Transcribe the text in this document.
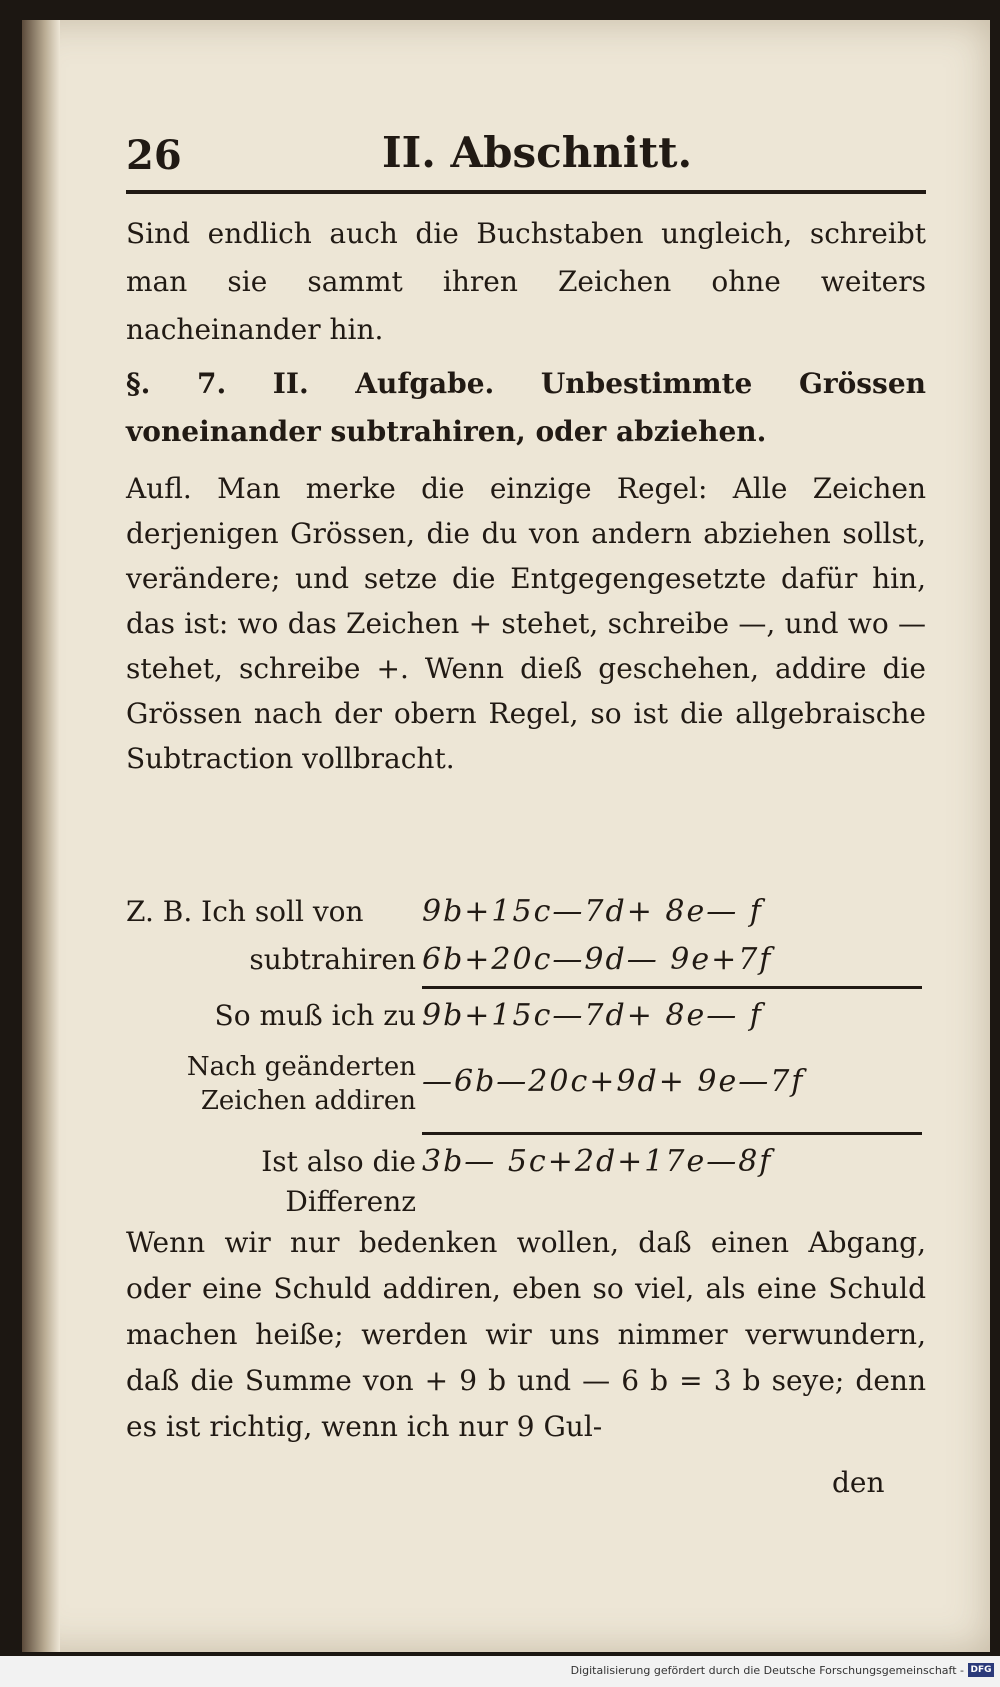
26	II. Abschnitt.
Sind endlich auch die Buchstaben ungleich, schreibt man sie sammt ihren Zeichen ohne weiters nacheinander hin.
§. 7. II. Aufgabe. Unbestimmte Grössen voneinander subtrahiren, oder abziehen.
Aufl. Man merke die einzige Regel: Alle Zeichen derjenigen Grössen, die du von andern abziehen sollst, verändere; und setze die Entgegengesetzte dafür hin, das ist: wo das Zeichen + stehet, schreibe —, und wo — stehet, schreibe +. Wenn dieß geschehen, addire die Grössen nach der obern Regel, so ist die allgebraische Subtraction vollbracht.
Z. B. Ich soll von	9b+15c—7d+ 8e— f
subtrahiren 6b+20c—9d— 9e+7f
So muß ich zu 9b+15c—7d+ 8e— f
Nach geänderten Zeichen addiren
—6b—20c+9d+ 9e—7f
Ist also die Differenz
3b— 5c+2d+17e—8f
Wenn wir nur bedenken wollen, daß einen Abgang, oder eine Schuld addiren, eben so viel, als eine Schuld machen heiße; werden wir uns nimmer verwundern, daß die Summe von + 9 b und — 6 b = 3 b seye; denn es ist richtig, wenn ich nur 9 Gul-
den
Digitalisierung gefördert durch die Deutsche Forschungsgemeinschaft - DFG
